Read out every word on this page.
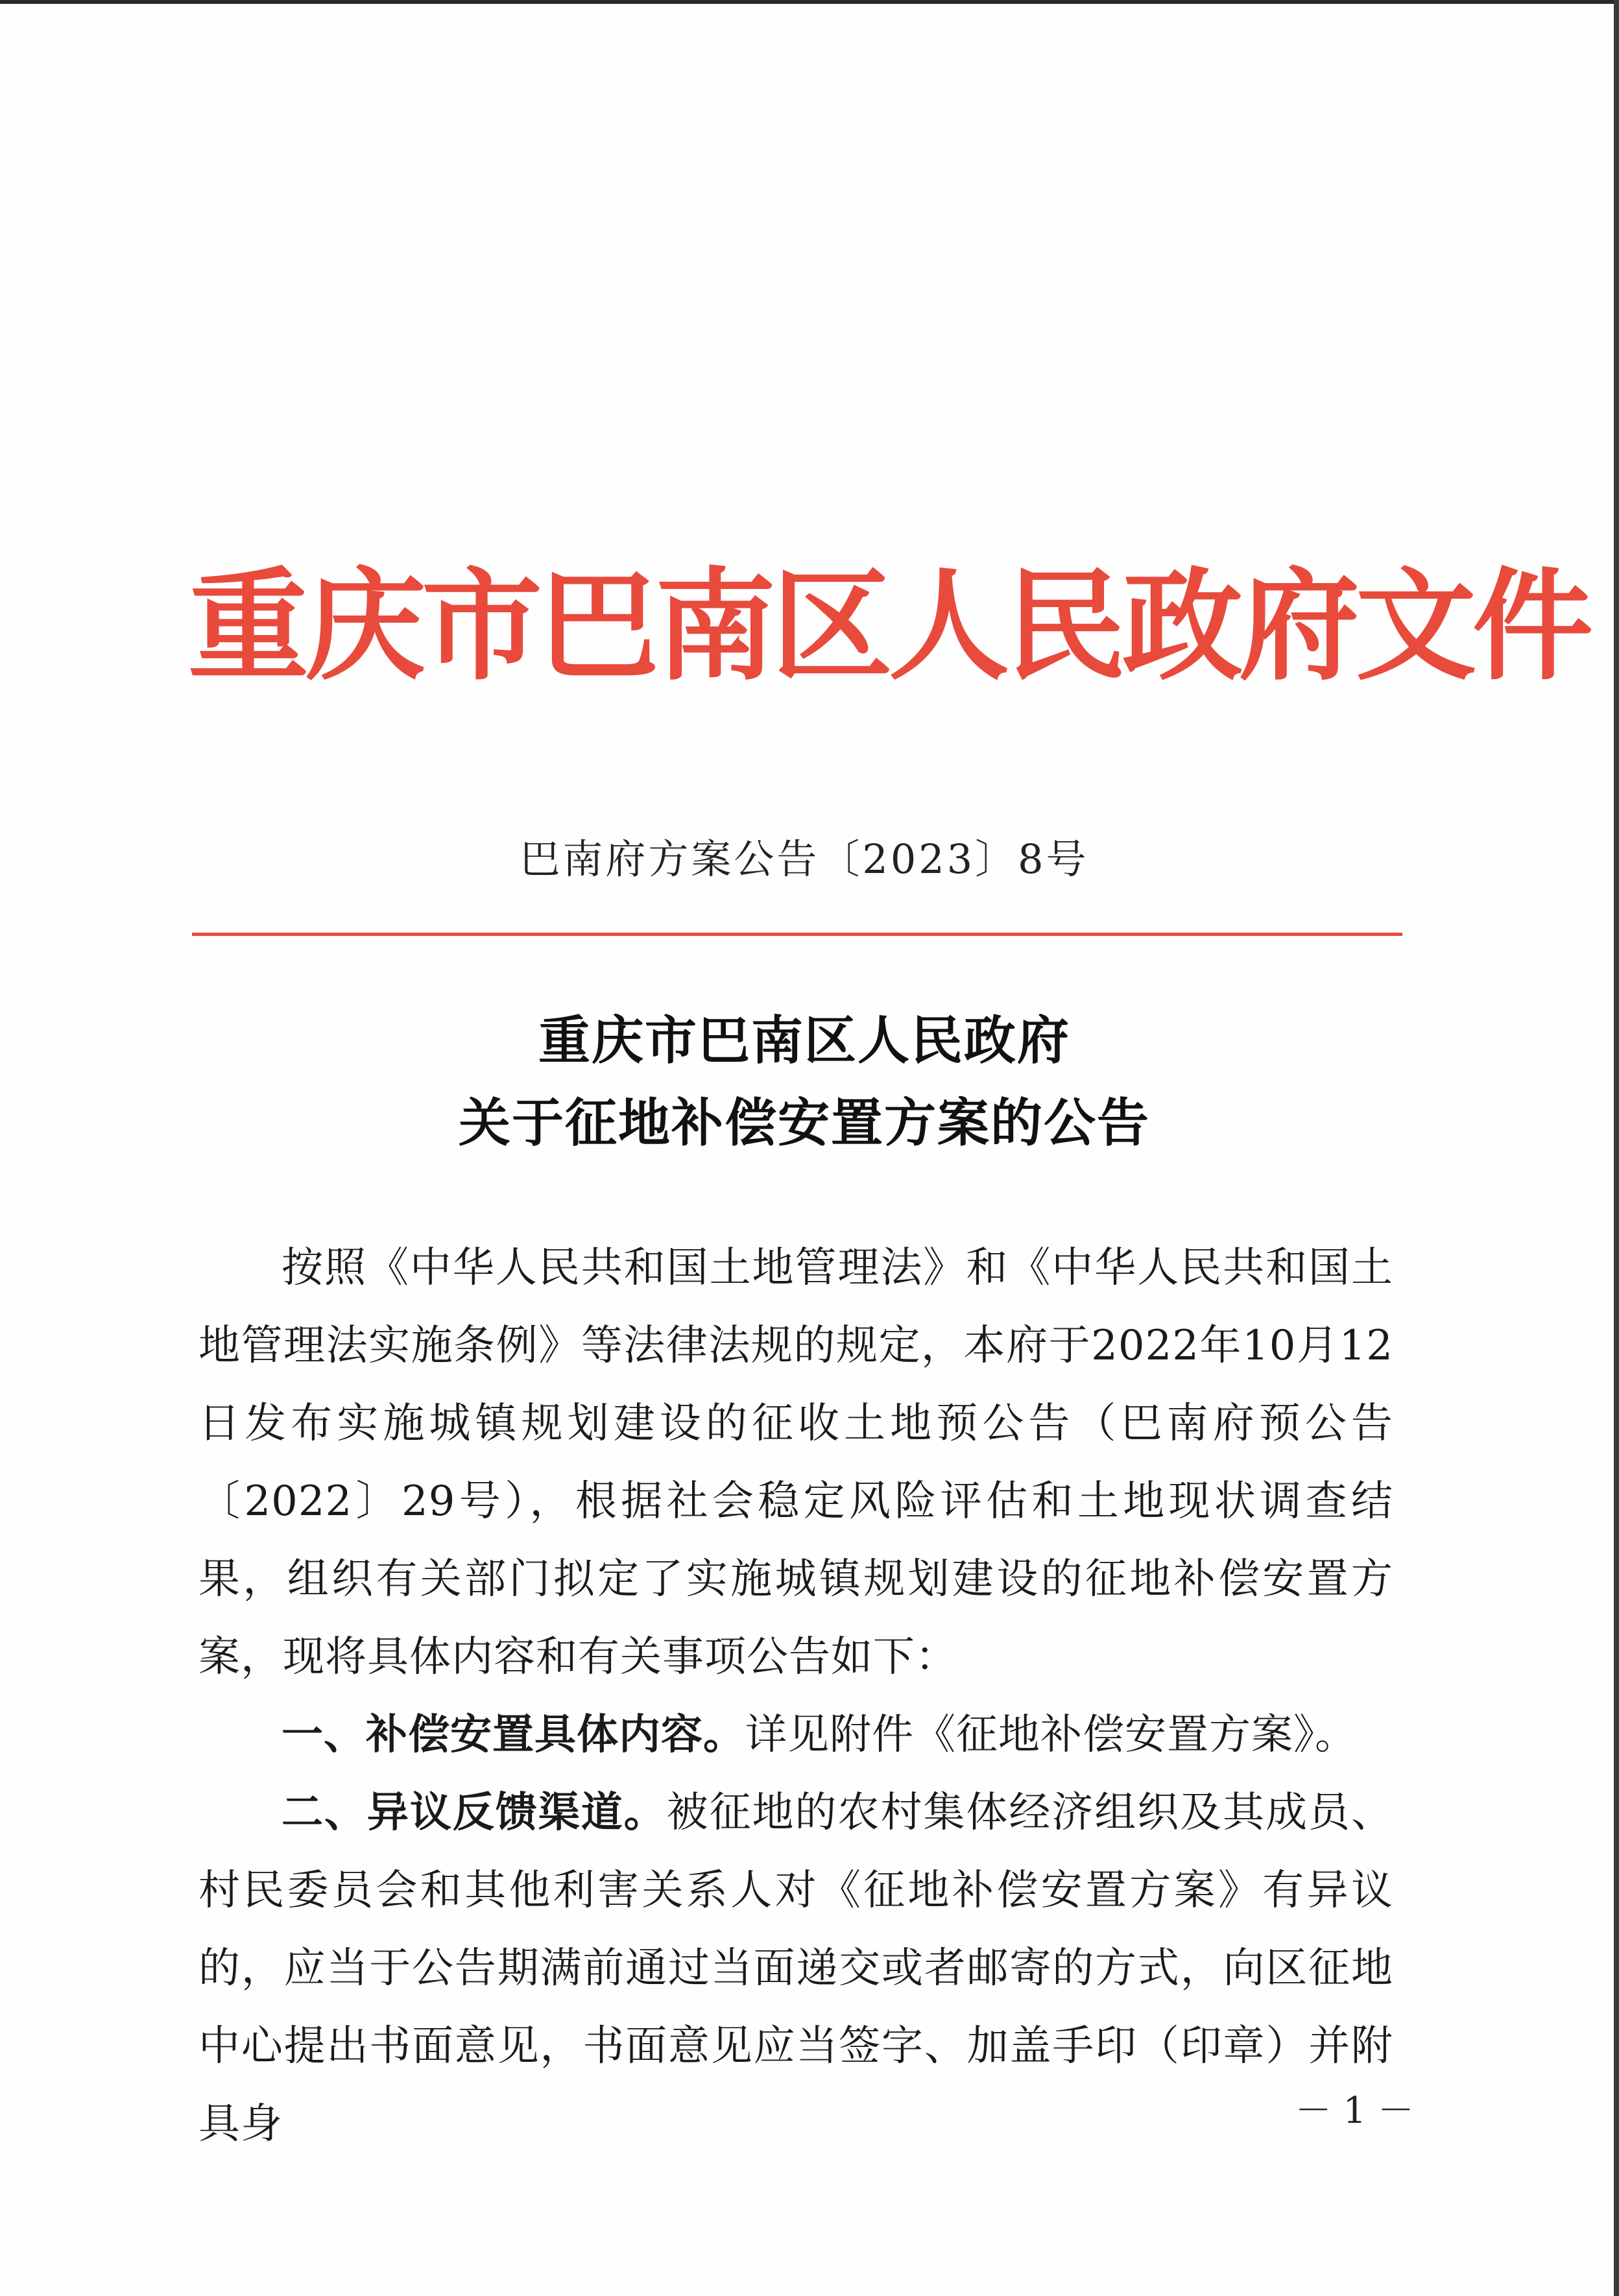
重庆市巴南区人民政府文件
巴南府方案公告〔2023〕8号
重庆市巴南区人民政府
关于征地补偿安置方案的公告

按照《中华人民共和国土地管理法》和《中华人民共和国土地管理法实施条例》等法律法规的规定，本府于2022年10月12日发布实施城镇规划建设的征收土地预公告（巴南府预公告〔2022〕29号），根据社会稳定风险评估和土地现状调查结果，组织有关部门拟定了实施城镇规划建设的征地补偿安置方案，现将具体内容和有关事项公告如下：

一、补偿安置具体内容。详见附件《征地补偿安置方案》。

二、异议反馈渠道。被征地的农村集体经济组织及其成员、村民委员会和其他利害关系人对《征地补偿安置方案》有异议的，应当于公告期满前通过当面递交或者邮寄的方式，向区征地中心提出书面意见，书面意见应当签字、加盖手印（印章）并附具身	－ 1 －
